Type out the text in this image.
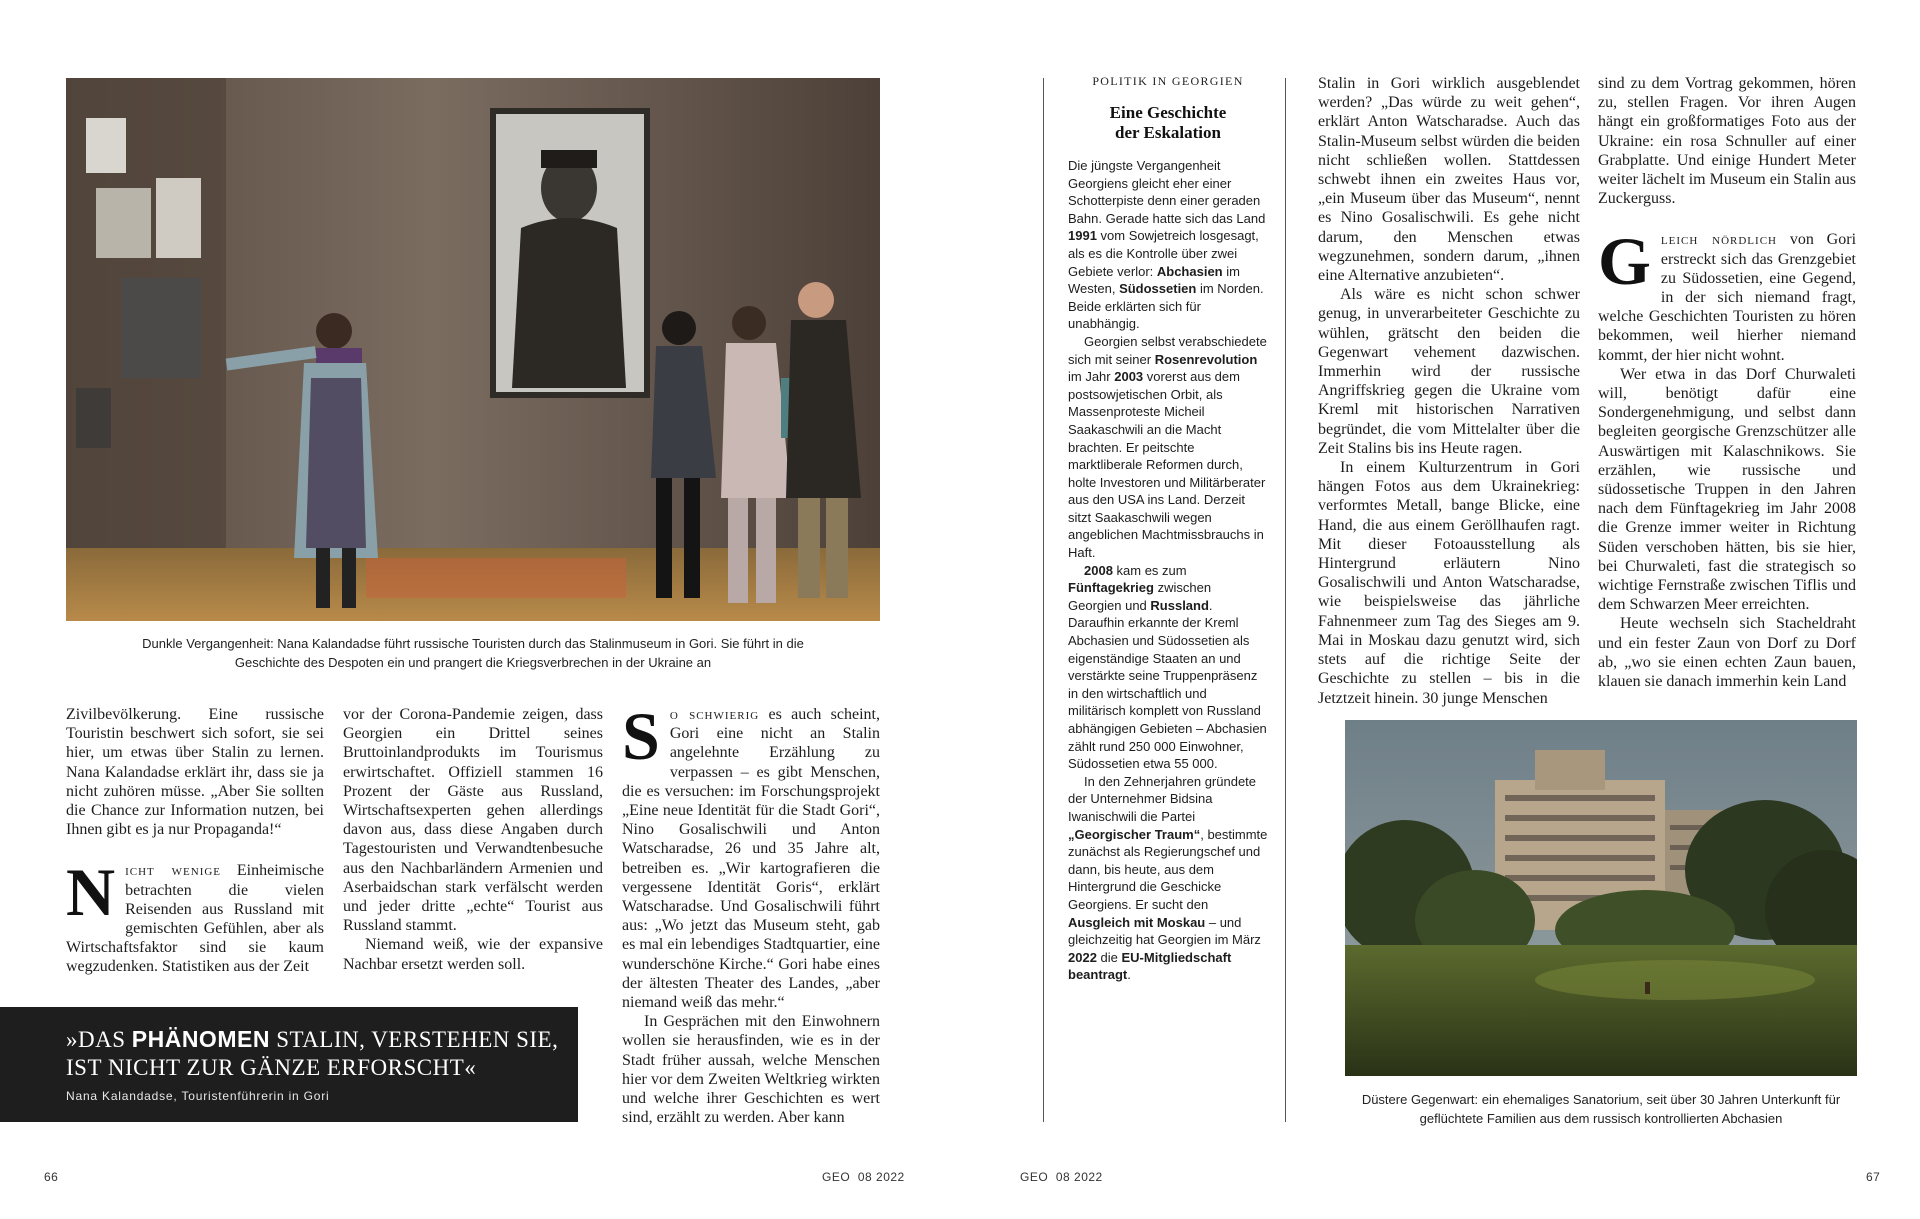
Dunkle Vergangenheit: Nana Kalandadse führt russische Touristen durch das Stalinmuseum in Gori. Sie führt in die Geschichte des Despoten ein und prangert die Kriegsverbrechen in der Ukraine an

Zivilbevölkerung. Eine russische Touristin beschwert sich sofort, sie sei hier, um etwas über Stalin zu lernen. Nana Kalandadse erklärt ihr, dass sie ja nicht zuhören müsse. „Aber Sie sollten die Chance zur Information nutzen, bei Ihnen gibt es ja nur Propaganda!“

N icht wenige Einheimische betrachten die vielen Reisenden aus Russland mit gemischten Gefühlen, aber als Wirtschaftsfaktor sind sie kaum wegzudenken. Statistiken aus der Zeit

vor der Corona-Pandemie zeigen, dass Georgien ein Drittel seines Bruttoinlandprodukts im Tourismus erwirtschaftet. Offiziell stammen 16 Prozent der Gäste aus Russland, Wirtschaftsexperten gehen allerdings davon aus, dass diese Angaben durch Tagestouristen und Verwandtenbesuche aus den Nachbarländern Armenien und Aserbaidschan stark verfälscht werden und jeder dritte „echte“ Tourist aus Russland stammt.

Niemand weiß, wie der expansive Nachbar ersetzt werden soll.

S o schwierig es auch scheint, Gori eine nicht an Stalin angelehnte Erzählung zu verpassen – es gibt Menschen, die es versuchen: im Forschungsprojekt „Eine neue Identität für die Stadt Gori“, Nino Gosalischwili und Anton Watscharadse, 26 und 35 Jahre alt, betreiben es. „Wir kartografieren die vergessene Identität Goris“, erklärt Watscharadse. Und Gosalischwili führt aus: „Wo jetzt das Museum steht, gab es mal ein lebendiges Stadtquartier, eine wunderschöne Kirche.“ Gori habe eines der ältesten Theater des Landes, „aber niemand weiß das mehr.“

In Gesprächen mit den Einwohnern wollen sie herausfinden, wie es in der Stadt früher aussah, welche Menschen hier vor dem Zweiten Weltkrieg wirkten und welche ihrer Geschichten es wert sind, erzählt zu werden. Aber kann

»DAS PHÄNOMEN STALIN, VERSTEHEN SIE, IST NICHT ZUR GÄNZE ERFORSCHT«
Nana Kalandadse, Touristenführerin in Gori
66	GEO  08 2022
POLITIK IN GEORGIEN
Eine Geschichte
der Eskalation

Die jüngste Vergangenheit Georgiens gleicht eher einer Schotterpiste denn einer geraden Bahn. Gerade hatte sich das Land 1991 vom Sowjetreich losgesagt, als es die Kontrolle über zwei Gebiete verlor: Abchasien im Westen, Südossetien im Norden. Beide erklärten sich für unabhängig.

Georgien selbst verabschiedete sich mit seiner Rosenrevolution im Jahr 2003 vorerst aus dem postsowjetischen Orbit, als Massenproteste Micheil Saakaschwili an die Macht brachten. Er peitschte marktliberale Reformen durch, holte Investoren und Militärberater aus den USA ins Land. Derzeit sitzt Saakaschwili wegen angeblichen Machtmissbrauchs in Haft.

2008 kam es zum Fünftagekrieg zwischen Georgien und Russland. Daraufhin erkannte der Kreml Abchasien und Südossetien als eigenständige Staaten an und verstärkte seine Truppenpräsenz in den wirtschaftlich und militärisch komplett von Russland abhängigen Gebieten – Abchasien zählt rund 250 000 Einwohner, Südossetien etwa 55 000.

In den Zehnerjahren gründete der Unternehmer Bidsina Iwanischwili die Partei „Georgischer Traum“, bestimmte zunächst als Regierungschef und dann, bis heute, aus dem Hintergrund die Geschicke Georgiens. Er sucht den Ausgleich mit Moskau – und gleichzeitig hat Georgien im März 2022 die EU-Mitgliedschaft beantragt.

Stalin in Gori wirklich ausgeblendet werden? „Das würde zu weit gehen“, erklärt Anton Watscharadse. Auch das Stalin-Museum selbst würden die beiden nicht schließen wollen. Stattdessen schwebt ihnen ein zweites Haus vor, „ein Museum über das Museum“, nennt es Nino Gosalischwili. Es gehe nicht darum, den Menschen etwas wegzunehmen, sondern darum, „ihnen eine Alternative anzubieten“.

Als wäre es nicht schon schwer genug, in unverarbeiteter Geschichte zu wühlen, grätscht den beiden die Gegenwart vehement dazwischen. Immerhin wird der russische Angriffskrieg gegen die Ukraine vom Kreml mit historischen Narrativen begründet, die vom Mittelalter über die Zeit Stalins bis ins Heute ragen.

In einem Kulturzentrum in Gori hängen Fotos aus dem Ukrainekrieg: verformtes Metall, bange Blicke, eine Hand, die aus einem Geröllhaufen ragt. Mit dieser Fotoausstellung als Hintergrund erläutern Nino Gosalischwili und Anton Watscharadse, wie beispielsweise das jährliche Fahnenmeer zum Tag des Sieges am 9. Mai in Moskau dazu genutzt wird, sich stets auf die richtige Seite der Geschichte zu stellen – bis in die Jetztzeit hinein. 30 junge Menschen

sind zu dem Vortrag gekommen, hören zu, stellen Fragen. Vor ihren Augen hängt ein großformatiges Foto aus der Ukraine: ein rosa Schnuller auf einer Grabplatte. Und einige Hundert Meter weiter lächelt im Museum ein Stalin aus Zuckerguss.

G leich nördlich von Gori erstreckt sich das Grenzgebiet zu Südossetien, eine Gegend, in der sich niemand fragt, welche Geschichten Touristen zu hören bekommen, weil hierher niemand kommt, der hier nicht wohnt.

Wer etwa in das Dorf Churwaleti will, benötigt dafür eine Sondergenehmigung, und selbst dann begleiten georgische Grenzschützer alle Auswärtigen mit Kalaschnikows. Sie erzählen, wie russische und südossetische Truppen in den Jahren nach dem Fünftagekrieg im Jahr 2008 die Grenze immer weiter in Richtung Süden verschoben hätten, bis sie hier, bei Churwaleti, fast die strategisch so wichtige Fernstraße zwischen Tiflis und dem Schwarzen Meer erreichten.

Heute wechseln sich Stacheldraht und ein fester Zaun von Dorf zu Dorf ab, „wo sie einen echten Zaun bauen, klauen sie danach immerhin kein Land

Düstere Gegenwart: ein ehemaliges Sanatorium, seit über 30 Jahren Unterkunft für geflüchtete Familien aus dem russisch kontrollierten Abchasien
GEO  08 2022	67
